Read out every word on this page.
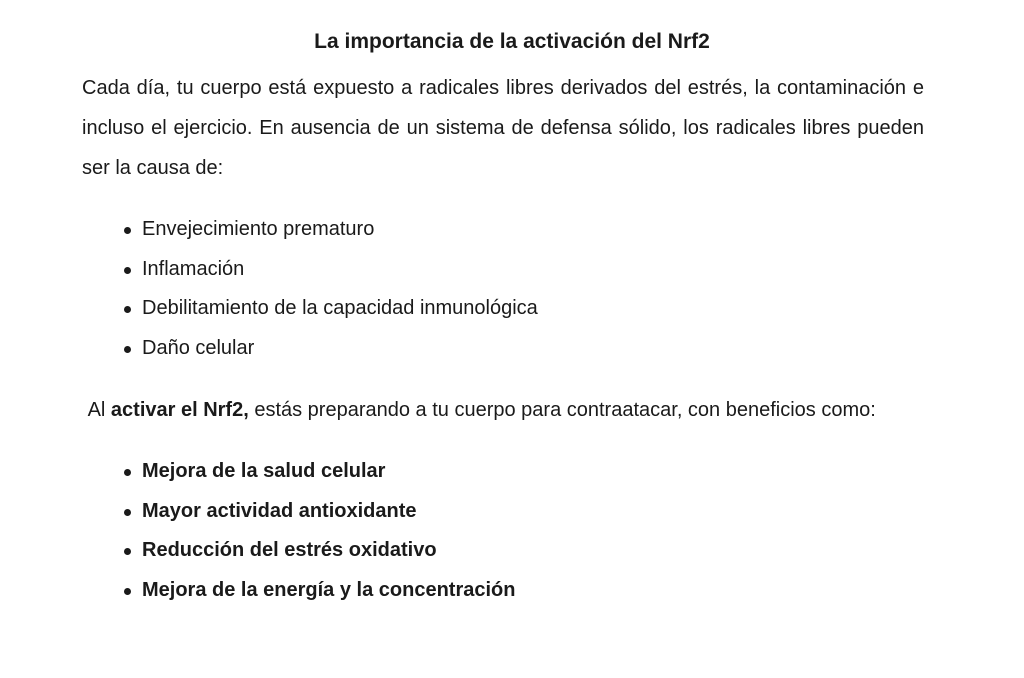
La importancia de la activación del Nrf2

Cada día, tu cuerpo está expuesto a radicales libres derivados del estrés, la contaminación e incluso el ejercicio. En ausencia de un sistema de defensa sólido, los radicales libres pueden ser la causa de:

Envejecimiento prematuro
Inflamación
Debilitamiento de la capacidad inmunológica
Daño celular

Al activar el Nrf2, estás preparando a tu cuerpo para contraatacar, con beneficios como:

Mejora de la salud celular
Mayor actividad antioxidante
Reducción del estrés oxidativo
Mejora de la energía y la concentración
